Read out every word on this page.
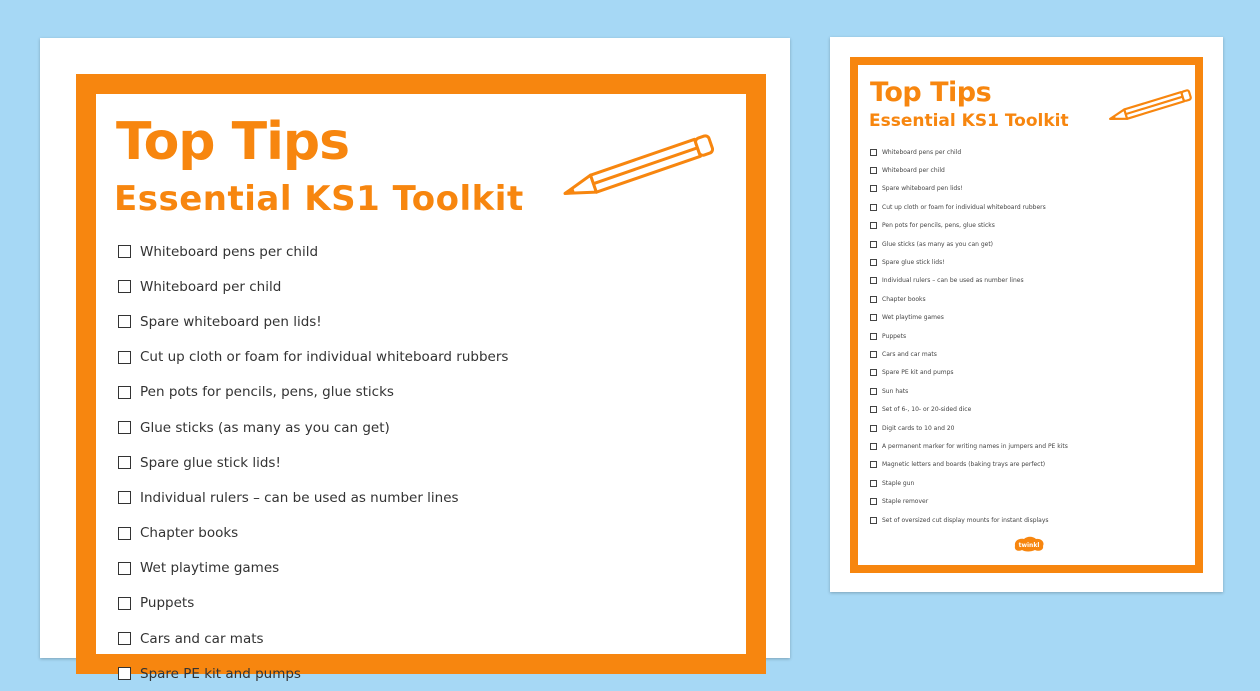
Top Tips
Essential KS1 Toolkit
Whiteboard pens per child
Whiteboard per child
Spare whiteboard pen lids!
Cut up cloth or foam for individual whiteboard rubbers
Pen pots for pencils, pens, glue sticks
Glue sticks (as many as you can get)
Spare glue stick lids!
Individual rulers – can be used as number lines
Chapter books
Wet playtime games
Puppets
Cars and car mats
Spare PE kit and pumps
Top Tips
Essential KS1 Toolkit
Whiteboard pens per child
Whiteboard per child
Spare whiteboard pen lids!
Cut up cloth or foam for individual whiteboard rubbers
Pen pots for pencils, pens, glue sticks
Glue sticks (as many as you can get)
Spare glue stick lids!
Individual rulers – can be used as number lines
Chapter books
Wet playtime games
Puppets
Cars and car mats
Spare PE kit and pumps
Sun hats
Set of 6-, 10- or 20-sided dice
Digit cards to 10 and 20
A permanent marker for writing names in jumpers and PE kits
Magnetic letters and boards (baking trays are perfect)
Staple gun
Staple remover
Set of oversized cut display mounts for instant displays
twinkl
